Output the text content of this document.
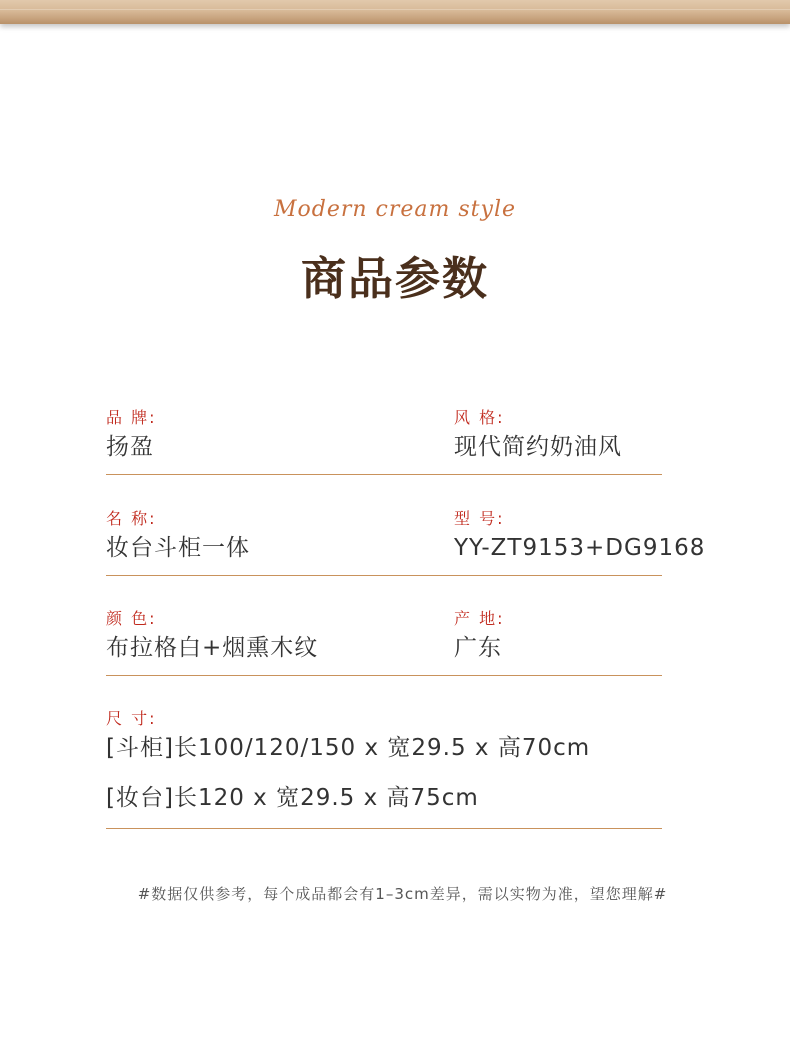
Modern cream style
商品参数
品 牌:
扬盈
风 格:
现代简约奶油风
名 称:
妆台斗柜一体
型 号:
YY-ZT9153+DG9168
颜 色:
布拉格白+烟熏木纹
产 地:
广东
尺 寸:
[斗柜]长100/120/150 x 宽29.5 x 高70cm
[妆台]长120 x 宽29.5 x 高75cm
#数据仅供参考，每个成品都会有1–3cm差异，需以实物为准，望您理解#
